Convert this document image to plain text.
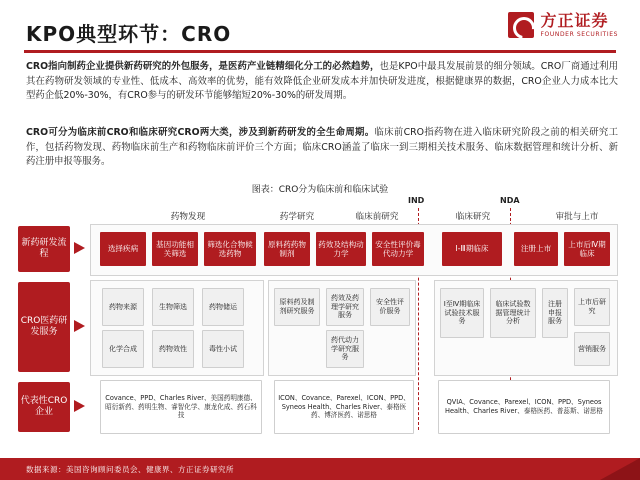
KPO典型环节：CRO
方正证券
FOUNDER SECURITIES
CRO指向制药企业提供新药研究的外包服务，是医药产业链精细化分工的必然趋势，也是KPO中最具发展前景的细分领域。CRO厂商通过利用其在药物研发领域的专业性、低成本、高效率的优势，能有效降低企业研发成本并加快研发进度，根据健康界的数据，CRO企业人力成本比大型药企低20%-30%，有CRO参与的研发环节能够缩短20%-30%的研发周期。
CRO可分为临床前CRO和临床研究CRO两大类，涉及到新药研发的全生命周期。临床前CRO指药物在进入临床研究阶段之前的相关研究工作，包括药物发现、药物临床前生产和药物临床前评价三个方面；临床CRO涵盖了临床一到三期相关技术服务、临床数据管理和统计分析、新药注册申报等服务。
图表：CRO分为临床前和临床试验
IND	NDA
药物发现	药学研究	临床前研究	临床研究	审批与上市
新药研发流程
选择疾病
基因功能相关筛选
筛选化合物候选药物
原料药药物制剂
药效及结构动力学
安全性评价毒代动力学
Ⅰ-Ⅲ期临床	注册上市
上市后Ⅳ期临床
CRO医药研发服务
药物来源	生物筛选	药物储运
化学合成	药物效性	毒性小试
原料药及制剂研究服务
药效及药理学研究服务
安全性评价服务
药代动力学研究服务
Ⅰ至Ⅳ期临床试验技术服务
临床试验数据管理统计分析
注册申报服务
上市后研究
营销服务
代表性CRO企业
Covance、PPD、Charles River、美国药明康德、昭衍新药、药明生物、睿智化学、康龙化成、药石科技
ICON、Covance、Parexel、ICON、PPD、Syneos Health、Charles River、泰格医药、博济医药、诺思格
QVIA、Covance、Parexel、ICON、PPD、Syneos Health、Charles River、泰格医药、普蕊斯、诺思格
数据来源：美国咨询顾问委员会、健康界、方正证券研究所
